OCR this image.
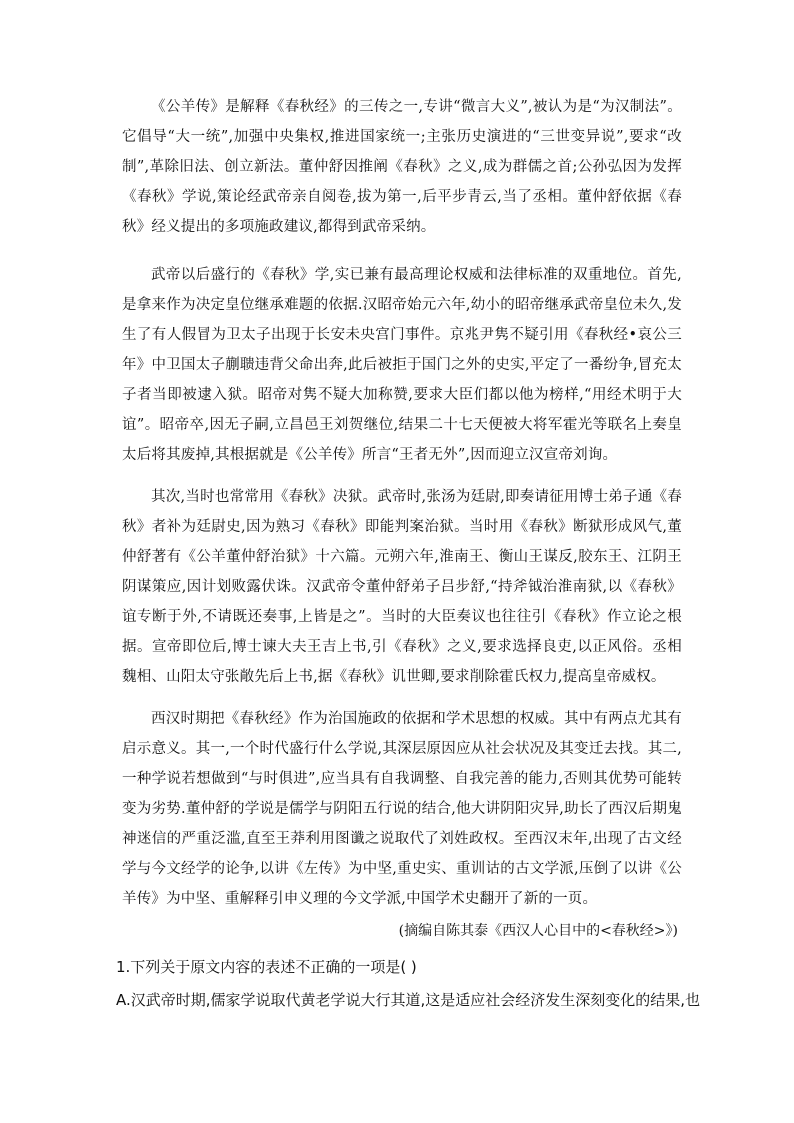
《公羊传》是解释《春秋经》的三传之一,专讲“微言大义”,被认为是“为汉制法”。它倡导“大一统”,加强中央集权,推进国家统一;主张历史演进的“三世变异说”,要求“改制”,革除旧法、创立新法。董仲舒因推阐《春秋》之义,成为群儒之首;公孙弘因为发挥《春秋》学说,策论经武帝亲自阅卷,拔为第一,后平步青云,当了丞相。董仲舒依据《春秋》经义提出的多项施政建议,都得到武帝采纳。

武帝以后盛行的《春秋》学,实已兼有最高理论权威和法律标准的双重地位。首先,是拿来作为决定皇位继承难题的依据.汉昭帝始元六年,幼小的昭帝继承武帝皇位未久,发生了有人假冒为卫太子出现于长安未央宫门事件。京兆尹隽不疑引用《春秋经•哀公三年》中卫国太子蒯聩违背父命出奔,此后被拒于国门之外的史实,平定了一番纷争,冒充太子者当即被逮入狱。昭帝对隽不疑大加称赞,要求大臣们都以他为榜样,“用经术明于大谊”。昭帝卒,因无子嗣,立昌邑王刘贺继位,结果二十七天便被大将军霍光等联名上奏皇太后将其废掉,其根据就是《公羊传》所言“王者无外”,因而迎立汉宣帝刘询。

其次,当时也常常用《春秋》决狱。武帝时,张汤为廷尉,即奏请征用博士弟子通《春秋》者补为廷尉史,因为熟习《春秋》即能判案治狱。当时用《春秋》断狱形成风气,董仲舒著有《公羊董仲舒治狱》十六篇。元朔六年,淮南王、衡山王谋反,胶东王、江阴王阴谋策应,因计划败露伏诛。汉武帝令董仲舒弟子吕步舒,“持斧钺治淮南狱,以《春秋》谊专断于外,不请既还奏事,上皆是之”。当时的大臣奏议也往往引《春秋》作立论之根据。宣帝即位后,博士谏大夫王吉上书,引《春秋》之义,要求选择良吏,以正风俗。丞相魏相、山阳太守张敞先后上书,据《春秋》讥世卿,要求削除霍氏权力,提高皇帝威权。

西汉时期把《春秋经》作为治国施政的依据和学术思想的权威。其中有两点尤其有启示意义。其一,一个时代盛行什么学说,其深层原因应从社会状况及其变迁去找。其二,一种学说若想做到“与时俱进”,应当具有自我调整、自我完善的能力,否则其优势可能转变为劣势.董仲舒的学说是儒学与阴阳五行说的结合,他大讲阴阳灾异,助长了西汉后期鬼神迷信的严重泛滥,直至王莽利用图谶之说取代了刘姓政权。至西汉末年,出现了古文经学与今文经学的论争,以讲《左传》为中坚,重史实、重训诂的古文学派,压倒了以讲《公羊传》为中坚、重解释引申义理的今文学派,中国学术史翻开了新的一页。

(摘编自陈其泰《西汉人心目中的<春秋经>》)

1.下列关于原文内容的表述不正确的一项是( )

A.汉武帝时期,儒家学说取代黄老学说大行其道,这是适应社会经济发生深刻变化的结果,也
